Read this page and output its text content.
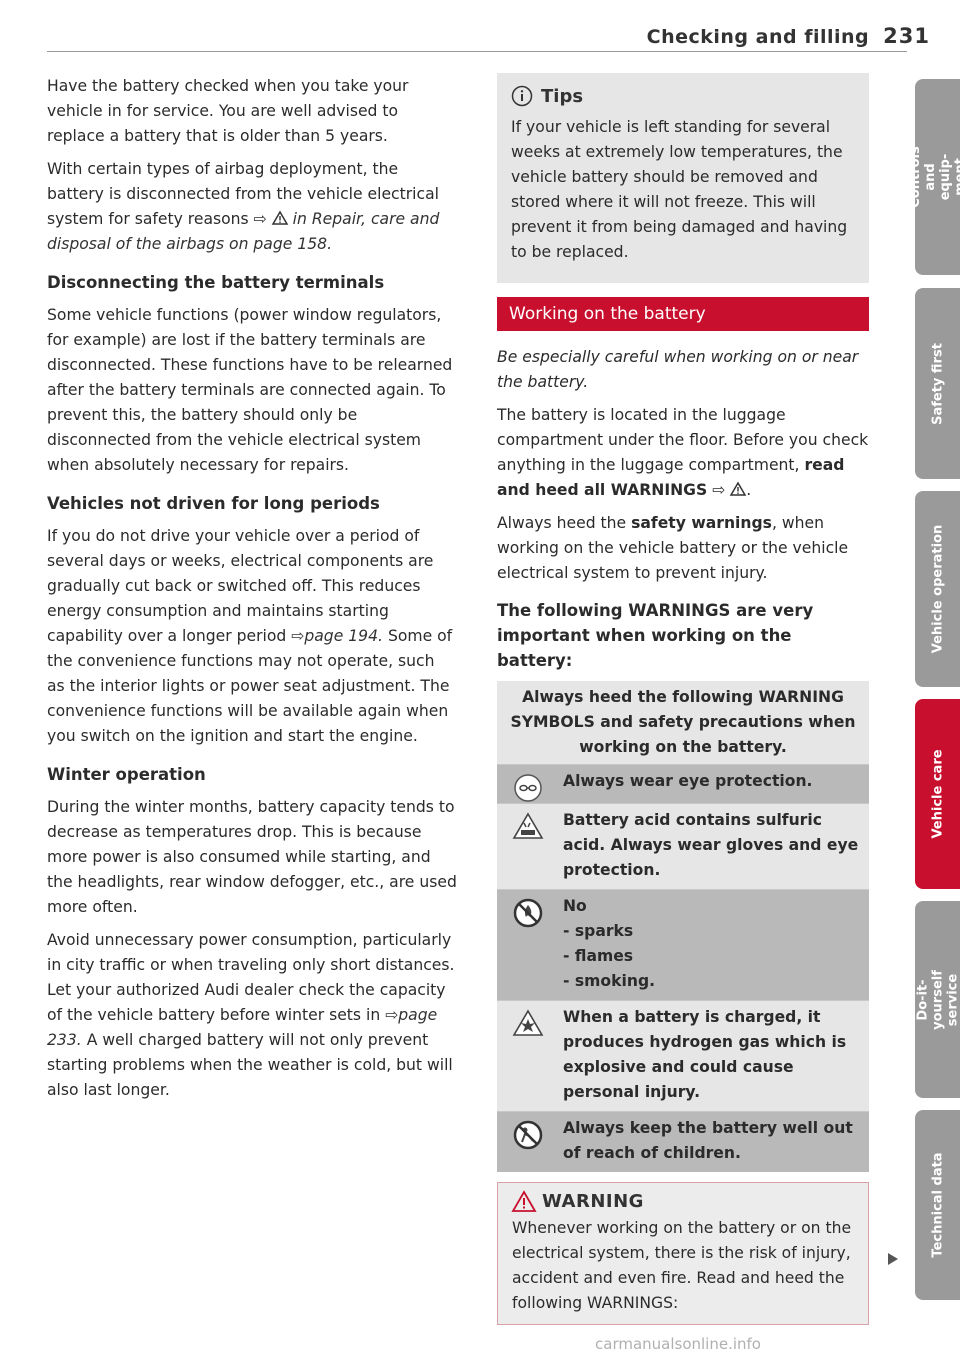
Checking and filling 231

Have the battery checked when you take your vehicle in for service. You are well advised to replace a battery that is older than 5 years.

With certain types of airbag deployment, the battery is disconnected from the vehicle electrical system for safety reasons ⇨ in Repair, care and disposal of the airbags on page 158.

Disconnecting the battery terminals

Some vehicle functions (power window regulators, for example) are lost if the battery terminals are disconnected. These functions have to be relearned after the battery terminals are connected again. To prevent this, the battery should only be disconnected from the vehicle electrical system when absolutely necessary for repairs.

Vehicles not driven for long periods

If you do not drive your vehicle over a period of several days or weeks, electrical components are gradually cut back or switched off. This reduces energy consumption and maintains starting capability over a longer period ⇨page 194. Some of the convenience functions may not operate, such as the interior lights or power seat adjustment. The convenience functions will be available again when you switch on the ignition and start the engine.

Winter operation

During the winter months, battery capacity tends to decrease as temperatures drop. This is because more power is also consumed while starting, and the headlights, rear window defogger, etc., are used more often.

Avoid unnecessary power consumption, particularly in city traffic or when traveling only short distances. Let your authorized Audi dealer check the capacity of the vehicle battery before winter sets in ⇨page 233. A well charged battery will not only prevent starting problems when the weather is cold, but will also last longer.

Tips

If your vehicle is left standing for several weeks at extremely low temperatures, the vehicle battery should be removed and stored where it will not freeze. This will prevent it from being damaged and having to be replaced.

Working on the battery

Be especially careful when working on or near the battery.

The battery is located in the luggage compartment under the floor. Before you check anything in the luggage compartment, read and heed all WARNINGS ⇨ .

Always heed the safety warnings, when working on the vehicle battery or the vehicle electrical system to prevent injury.

The following WARNINGS are very important when working on the battery:
Always heed the following WARNING SYMBOLS and safety precautions when working on the battery.
Always wear eye protection.
Battery acid contains sulfuric acid. Always wear gloves and eye protection.
No
- sparks
- flames
- smoking.
When a battery is charged, it produces hydrogen gas which is explosive and could cause personal injury.
Always keep the battery well out of reach of children.
WARNING

Whenever working on the battery or on the electrical system, there is the risk of injury, accident and even fire. Read and heed the following WARNINGS:

Controls and equip-
ment
Safety first
Vehicle operation
Vehicle care
Do-it-yourself
service
Technical data
carmanualsonline.info
